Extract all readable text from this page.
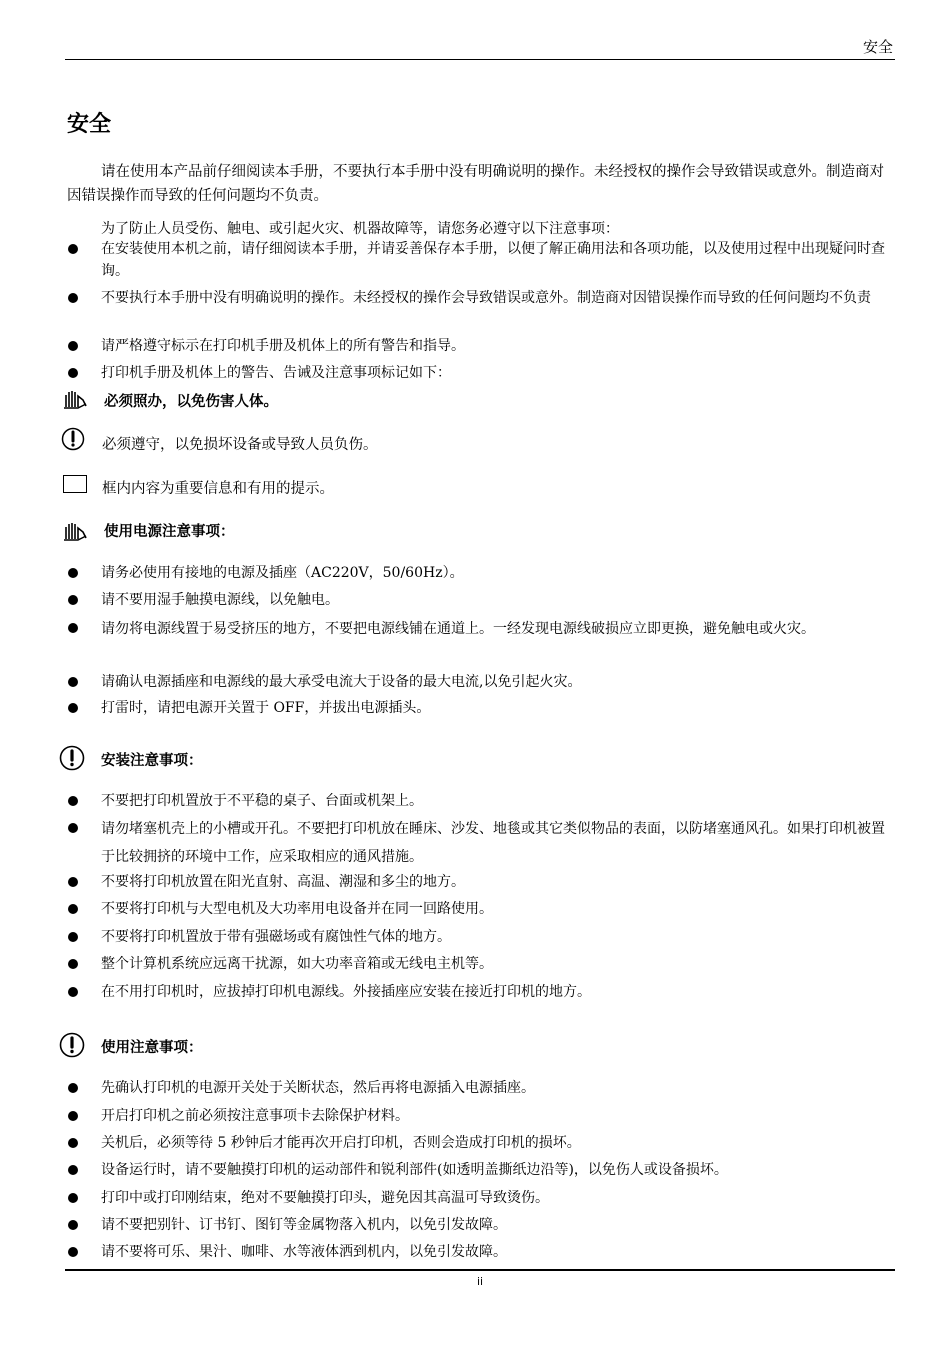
安全
安全
请在使用本产品前仔细阅读本手册，不要执行本手册中没有明确说明的操作。未经授权的操作会导致错误或意外。制造商对因错误操作而导致的任何问题均不负责。
为了防止人员受伤、触电、或引起火灾、机器故障等，请您务必遵守以下注意事项：
在安装使用本机之前，请仔细阅读本手册，并请妥善保存本手册，以便了解正确用法和各项功能，以及使用过程中出现疑问时查询。
不要执行本手册中没有明确说明的操作。未经授权的操作会导致错误或意外。制造商对因错误操作而导致的任何问题均不负责
请严格遵守标示在打印机手册及机体上的所有警告和指导。
打印机手册及机体上的警告、告诫及注意事项标记如下：
必须照办，以免伤害人体。
必须遵守，以免损坏设备或导致人员负伤。
框内内容为重要信息和有用的提示。
使用电源注意事项：
请务必使用有接地的电源及插座（AC220V，50/60Hz）。
请不要用湿手触摸电源线，以免触电。
请勿将电源线置于易受挤压的地方，不要把电源线铺在通道上。一经发现电源线破损应立即更换，避免触电或火灾。
请确认电源插座和电源线的最大承受电流大于设备的最大电流,以免引起火灾。
打雷时，请把电源开关置于 OFF，并拔出电源插头。
安装注意事项：
不要把打印机置放于不平稳的桌子、台面或机架上。
请勿堵塞机壳上的小槽或开孔。不要把打印机放在睡床、沙发、地毯或其它类似物品的表面，以防堵塞通风孔。如果打印机被置于比较拥挤的环境中工作，应采取相应的通风措施。
不要将打印机放置在阳光直射、高温、潮湿和多尘的地方。
不要将打印机与大型电机及大功率用电设备并在同一回路使用。
不要将打印机置放于带有强磁场或有腐蚀性气体的地方。
整个计算机系统应远离干扰源，如大功率音箱或无线电主机等。
在不用打印机时，应拔掉打印机电源线。外接插座应安装在接近打印机的地方。
使用注意事项：
先确认打印机的电源开关处于关断状态，然后再将电源插入电源插座。
开启打印机之前必须按注意事项卡去除保护材料。
关机后，必须等待 5 秒钟后才能再次开启打印机，否则会造成打印机的损坏。
设备运行时，请不要触摸打印机的运动部件和锐利部件(如透明盖撕纸边沿等)，以免伤人或设备损坏。
打印中或打印刚结束，绝对不要触摸打印头，避免因其高温可导致烫伤。
请不要把别针、订书钉、图钉等金属物落入机内，以免引发故障。
请不要将可乐、果汁、咖啡、水等液体洒到机内，以免引发故障。
ii
